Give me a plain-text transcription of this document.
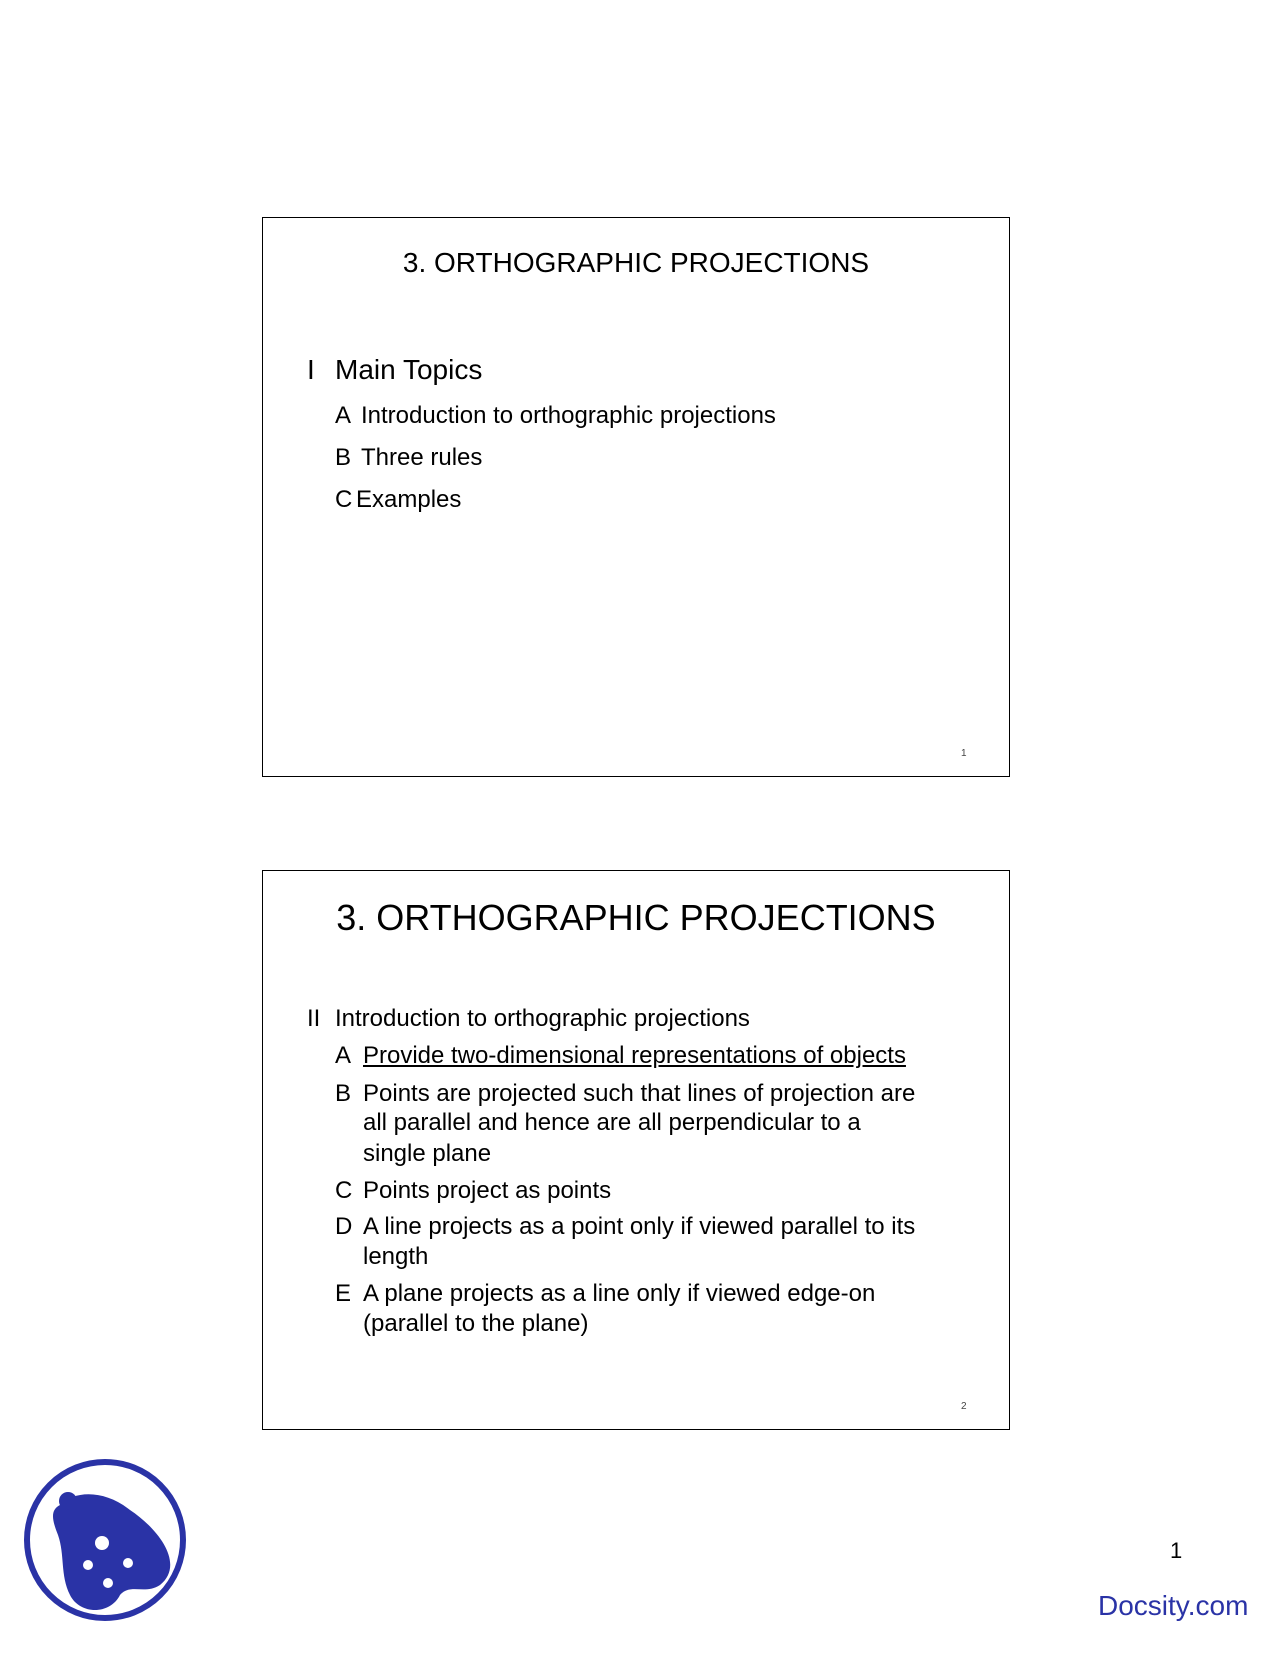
3. ORTHOGRAPHIC PROJECTIONS
I Main Topics
A Introduction to orthographic projections
B Three rules
C Examples
1
3. ORTHOGRAPHIC PROJECTIONS
II Introduction to orthographic projections
A Provide two-dimensional representations of objects
B Points are projected such that lines of projection are
all parallel and hence are all perpendicular to a
single plane
C Points project as points
D A line projects as a point only if viewed parallel to its
length
E A plane projects as a line only if viewed edge-on
(parallel to the plane)
2
1
Docsity.com
